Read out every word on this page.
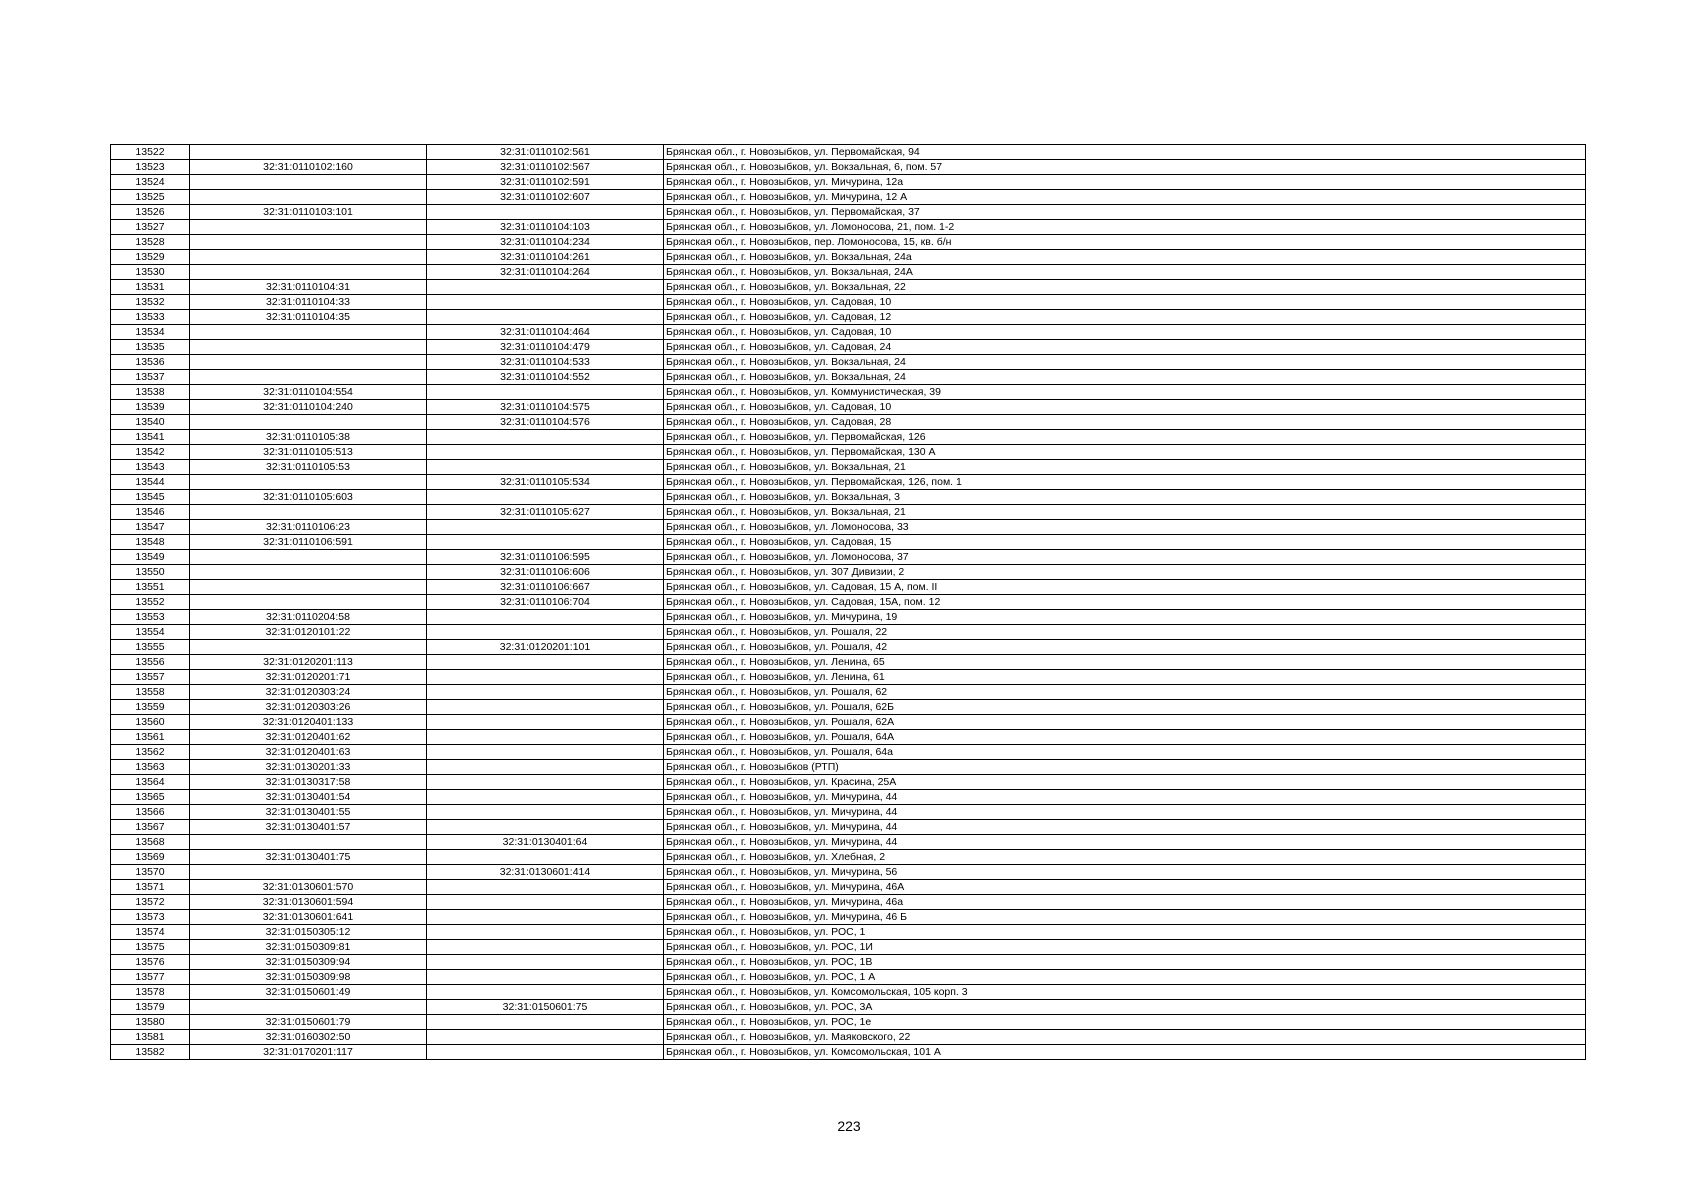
13522		32:31:0110102:561	Брянская обл., г. Новозыбков, ул. Первомайская, 94
13523	32:31:0110102:160	32:31:0110102:567	Брянская обл., г. Новозыбков, ул. Вокзальная, 6, пом. 57
13524		32:31:0110102:591	Брянская обл., г. Новозыбков, ул. Мичурина, 12а
13525		32:31:0110102:607	Брянская обл., г. Новозыбков, ул. Мичурина, 12 А
13526	32:31:0110103:101		Брянская обл., г. Новозыбков, ул. Первомайская, 37
13527		32:31:0110104:103	Брянская обл., г. Новозыбков, ул. Ломоносова, 21, пом. 1-2
13528		32:31:0110104:234	Брянская обл., г. Новозыбков, пер. Ломоносова, 15, кв. б/н
13529		32:31:0110104:261	Брянская обл., г. Новозыбков, ул. Вокзальная, 24а
13530		32:31:0110104:264	Брянская обл., г. Новозыбков, ул. Вокзальная, 24А
13531	32:31:0110104:31		Брянская обл., г. Новозыбков, ул. Вокзальная, 22
13532	32:31:0110104:33		Брянская обл., г. Новозыбков, ул. Садовая, 10
13533	32:31:0110104:35		Брянская обл., г. Новозыбков, ул. Садовая, 12
13534		32:31:0110104:464	Брянская обл., г. Новозыбков, ул. Садовая, 10
13535		32:31:0110104:479	Брянская обл., г. Новозыбков, ул. Садовая, 24
13536		32:31:0110104:533	Брянская обл., г. Новозыбков, ул. Вокзальная, 24
13537		32:31:0110104:552	Брянская обл., г. Новозыбков, ул. Вокзальная, 24
13538	32:31:0110104:554		Брянская обл., г. Новозыбков, ул. Коммунистическая, 39
13539	32:31:0110104:240	32:31:0110104:575	Брянская обл., г. Новозыбков, ул. Садовая, 10
13540		32:31:0110104:576	Брянская обл., г. Новозыбков, ул. Садовая, 28
13541	32:31:0110105:38		Брянская обл., г. Новозыбков, ул. Первомайская, 126
13542	32:31:0110105:513		Брянская обл., г. Новозыбков, ул. Первомайская, 130 А
13543	32:31:0110105:53		Брянская обл., г. Новозыбков, ул. Вокзальная, 21
13544		32:31:0110105:534	Брянская обл., г. Новозыбков, ул. Первомайская, 126, пом. 1
13545	32:31:0110105:603		Брянская обл., г. Новозыбков, ул. Вокзальная, 3
13546		32:31:0110105:627	Брянская обл., г. Новозыбков, ул. Вокзальная, 21
13547	32:31:0110106:23		Брянская обл., г. Новозыбков, ул. Ломоносова, 33
13548	32:31:0110106:591		Брянская обл., г. Новозыбков, ул. Садовая, 15
13549		32:31:0110106:595	Брянская обл., г. Новозыбков, ул. Ломоносова, 37
13550		32:31:0110106:606	Брянская обл., г. Новозыбков, ул. 307 Дивизии, 2
13551		32:31:0110106:667	Брянская обл., г. Новозыбков, ул. Садовая, 15 А, пом. II
13552		32:31:0110106:704	Брянская обл., г. Новозыбков, ул. Садовая, 15А, пом. 12
13553	32:31:0110204:58		Брянская обл., г. Новозыбков, ул. Мичурина, 19
13554	32:31:0120101:22		Брянская обл., г. Новозыбков, ул. Рошаля, 22
13555		32:31:0120201:101	Брянская обл., г. Новозыбков, ул. Рошаля, 42
13556	32:31:0120201:113		Брянская обл., г. Новозыбков, ул. Ленина, 65
13557	32:31:0120201:71		Брянская обл., г. Новозыбков, ул. Ленина, 61
13558	32:31:0120303:24		Брянская обл., г. Новозыбков, ул. Рошаля, 62
13559	32:31:0120303:26		Брянская обл., г. Новозыбков, ул. Рошаля, 62Б
13560	32:31:0120401:133		Брянская обл., г. Новозыбков, ул. Рошаля, 62А
13561	32:31:0120401:62		Брянская обл., г. Новозыбков, ул. Рошаля, 64А
13562	32:31:0120401:63		Брянская обл., г. Новозыбков, ул. Рошаля, 64а
13563	32:31:0130201:33		Брянская обл., г. Новозыбков (РТП)
13564	32:31:0130317:58		Брянская обл., г. Новозыбков, ул. Красина, 25А
13565	32:31:0130401:54		Брянская обл., г. Новозыбков, ул. Мичурина, 44
13566	32:31:0130401:55		Брянская обл., г. Новозыбков, ул. Мичурина, 44
13567	32:31:0130401:57		Брянская обл., г. Новозыбков, ул. Мичурина, 44
13568		32:31:0130401:64	Брянская обл., г. Новозыбков, ул. Мичурина, 44
13569	32:31:0130401:75		Брянская обл., г. Новозыбков, ул. Хлебная, 2
13570		32:31:0130601:414	Брянская обл., г. Новозыбков, ул. Мичурина, 56
13571	32:31:0130601:570		Брянская обл., г. Новозыбков, ул. Мичурина, 46А
13572	32:31:0130601:594		Брянская обл., г. Новозыбков, ул. Мичурина, 46а
13573	32:31:0130601:641		Брянская обл., г. Новозыбков, ул. Мичурина, 46 Б
13574	32:31:0150305:12		Брянская обл., г. Новозыбков, ул. РОС, 1
13575	32:31:0150309:81		Брянская обл., г. Новозыбков, ул. РОС, 1И
13576	32:31:0150309:94		Брянская обл., г. Новозыбков, ул. РОС, 1В
13577	32:31:0150309:98		Брянская обл., г. Новозыбков, ул. РОС, 1 А
13578	32:31:0150601:49		Брянская обл., г. Новозыбков, ул. Комсомольская, 105 корп. 3
13579		32:31:0150601:75	Брянская обл., г. Новозыбков, ул. РОС, 3А
13580	32:31:0150601:79		Брянская обл., г. Новозыбков, ул. РОС, 1е
13581	32:31:0160302:50		Брянская обл., г. Новозыбков, ул. Маяковского, 22
13582	32:31:0170201:117		Брянская обл., г. Новозыбков, ул. Комсомольская, 101 А
223
